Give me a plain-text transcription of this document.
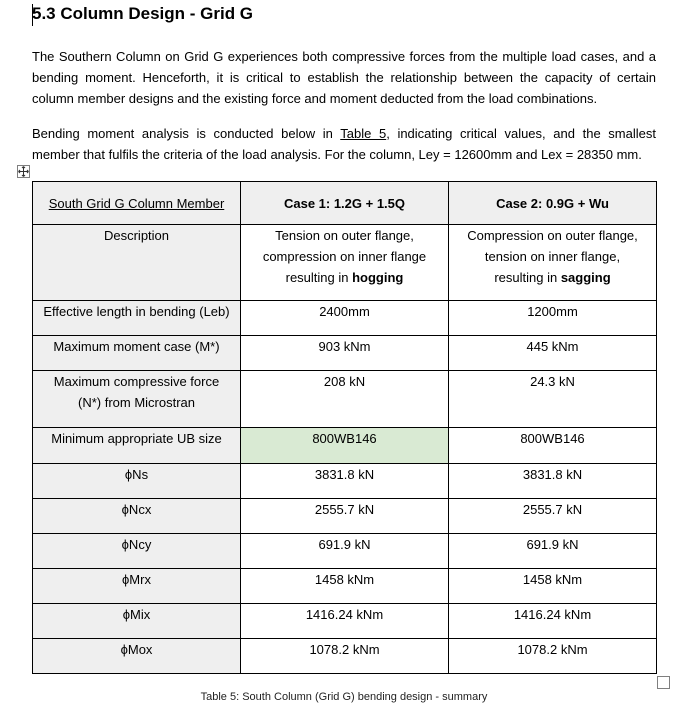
5.3 Column Design - Grid G
The Southern Column on Grid G experiences both compressive forces from the multiple load cases, and a
bending moment. Henceforth, it is critical to establish the relationship between the capacity of certain
column member designs and the existing force and moment deducted from the load combinations.
Bending moment analysis is conducted below in Table 5, indicating critical values, and the smallest
member that fulfils the criteria of the load analysis. For the column, Ley = 12600mm and Lex = 28350 mm.
South Grid G Column Member	Case 1: 1.2G + 1.5Q	Case 2: 0.9G + Wu
Description	Tension on outer flange,
compression on inner flange
resulting in hogging	Compression on outer flange,
tension on inner flange,
resulting in sagging
Effective length in bending (Leb)	2400mm	1200mm
Maximum moment case (M*)	903 kNm	445 kNm
Maximum compressive force
(N*) from Microstran	208 kN	24.3 kN
Minimum appropriate UB size	800WB146	800WB146
ϕNs	3831.8 kN	3831.8 kN
ϕNcx	2555.7 kN	2555.7 kN
ϕNcy	691.9 kN	691.9 kN
ϕMrx	1458 kNm	1458 kNm
ϕMix	1416.24 kNm	1416.24 kNm
ϕMox	1078.2 kNm	1078.2 kNm
Table 5: South Column (Grid G) bending design - summary
